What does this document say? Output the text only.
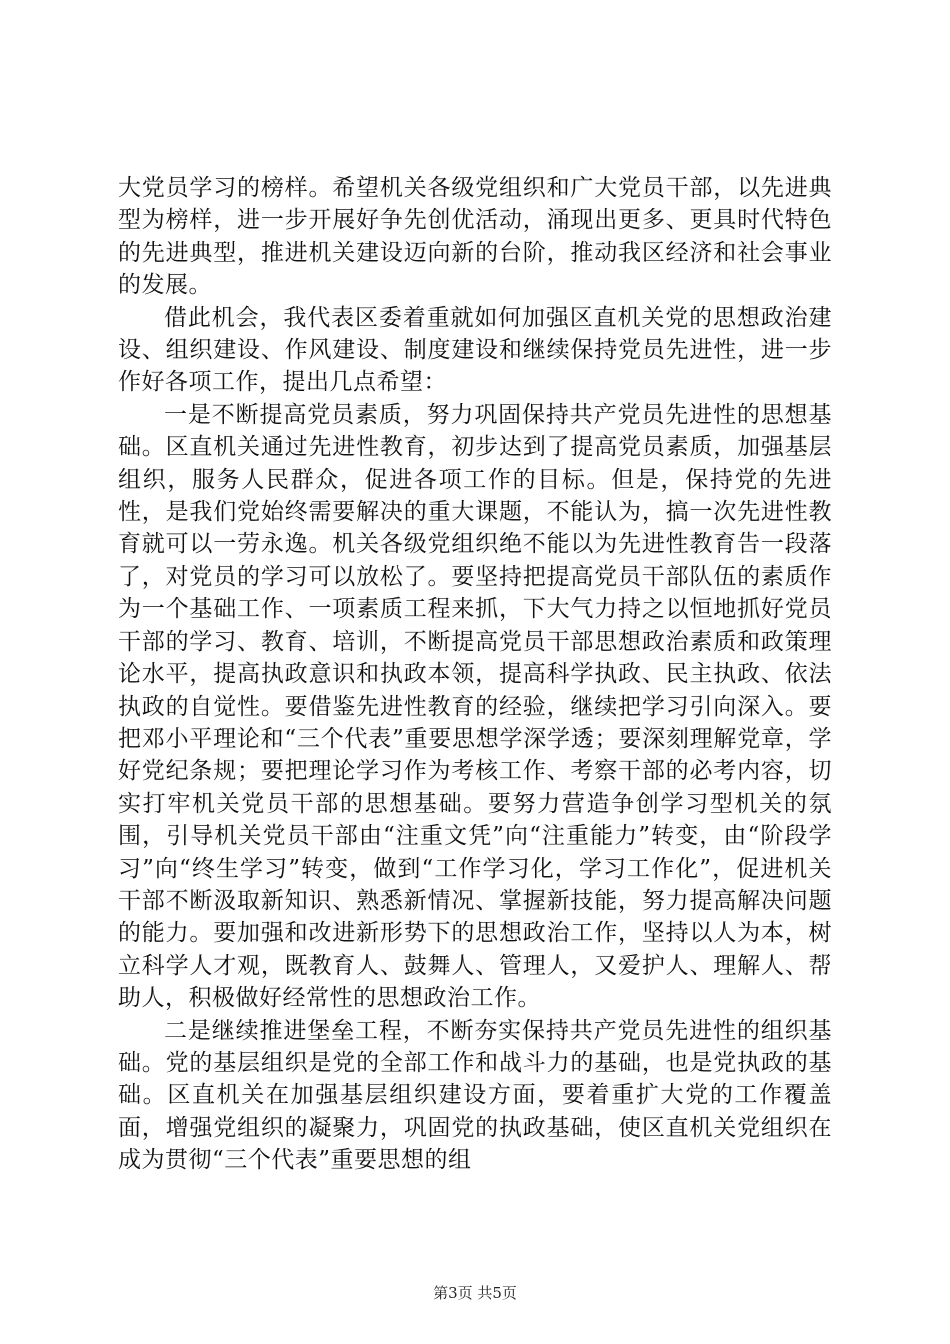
大党员学习的榜样。希望机关各级党组织和广大党员干部，以先进典型为榜样，进一步开展好争先创优活动，涌现出更多、更具时代特色的先进典型，推进机关建设迈向新的台阶，推动我区经济和社会事业的发展。

借此机会，我代表区委着重就如何加强区直机关党的思想政治建设、组织建设、作风建设、制度建设和继续保持党员先进性，进一步作好各项工作，提出几点希望：

一是不断提高党员素质，努力巩固保持共产党员先进性的思想基础。区直机关通过先进性教育，初步达到了提高党员素质，加强基层组织，服务人民群众，促进各项工作的目标。但是，保持党的先进性，是我们党始终需要解决的重大课题，不能认为，搞一次先进性教育就可以一劳永逸。机关各级党组织绝不能以为先进性教育告一段落了，对党员的学习可以放松了。要坚持把提高党员干部队伍的素质作为一个基础工作、一项素质工程来抓，下大气力持之以恒地抓好党员干部的学习、教育、培训，不断提高党员干部思想政治素质和政策理论水平，提高执政意识和执政本领，提高科学执政、民主执政、依法执政的自觉性。要借鉴先进性教育的经验，继续把学习引向深入。要把邓小平理论和“三个代表”重要思想学深学透；要深刻理解党章，学好党纪条规；要把理论学习作为考核工作、考察干部的必考内容，切实打牢机关党员干部的思想基础。要努力营造争创学习型机关的氛围，引导机关党员干部由“注重文凭”向“注重能力”转变，由“阶段学习”向“终生学习”转变，做到“工作学习化，学习工作化”，促进机关干部不断汲取新知识、熟悉新情况、掌握新技能，努力提高解决问题的能力。要加强和改进新形势下的思想政治工作，坚持以人为本，树立科学人才观，既教育人、鼓舞人、管理人，又爱护人、理解人、帮助人，积极做好经常性的思想政治工作。

二是继续推进堡垒工程，不断夯实保持共产党员先进性的组织基础。党的基层组织是党的全部工作和战斗力的基础，也是党执政的基础。区直机关在加强基层组织建设方面，要着重扩大党的工作覆盖面，增强党组织的凝聚力，巩固党的执政基础，使区直机关党组织在成为贯彻“三个代表”重要思想的组

第3页 共5页
